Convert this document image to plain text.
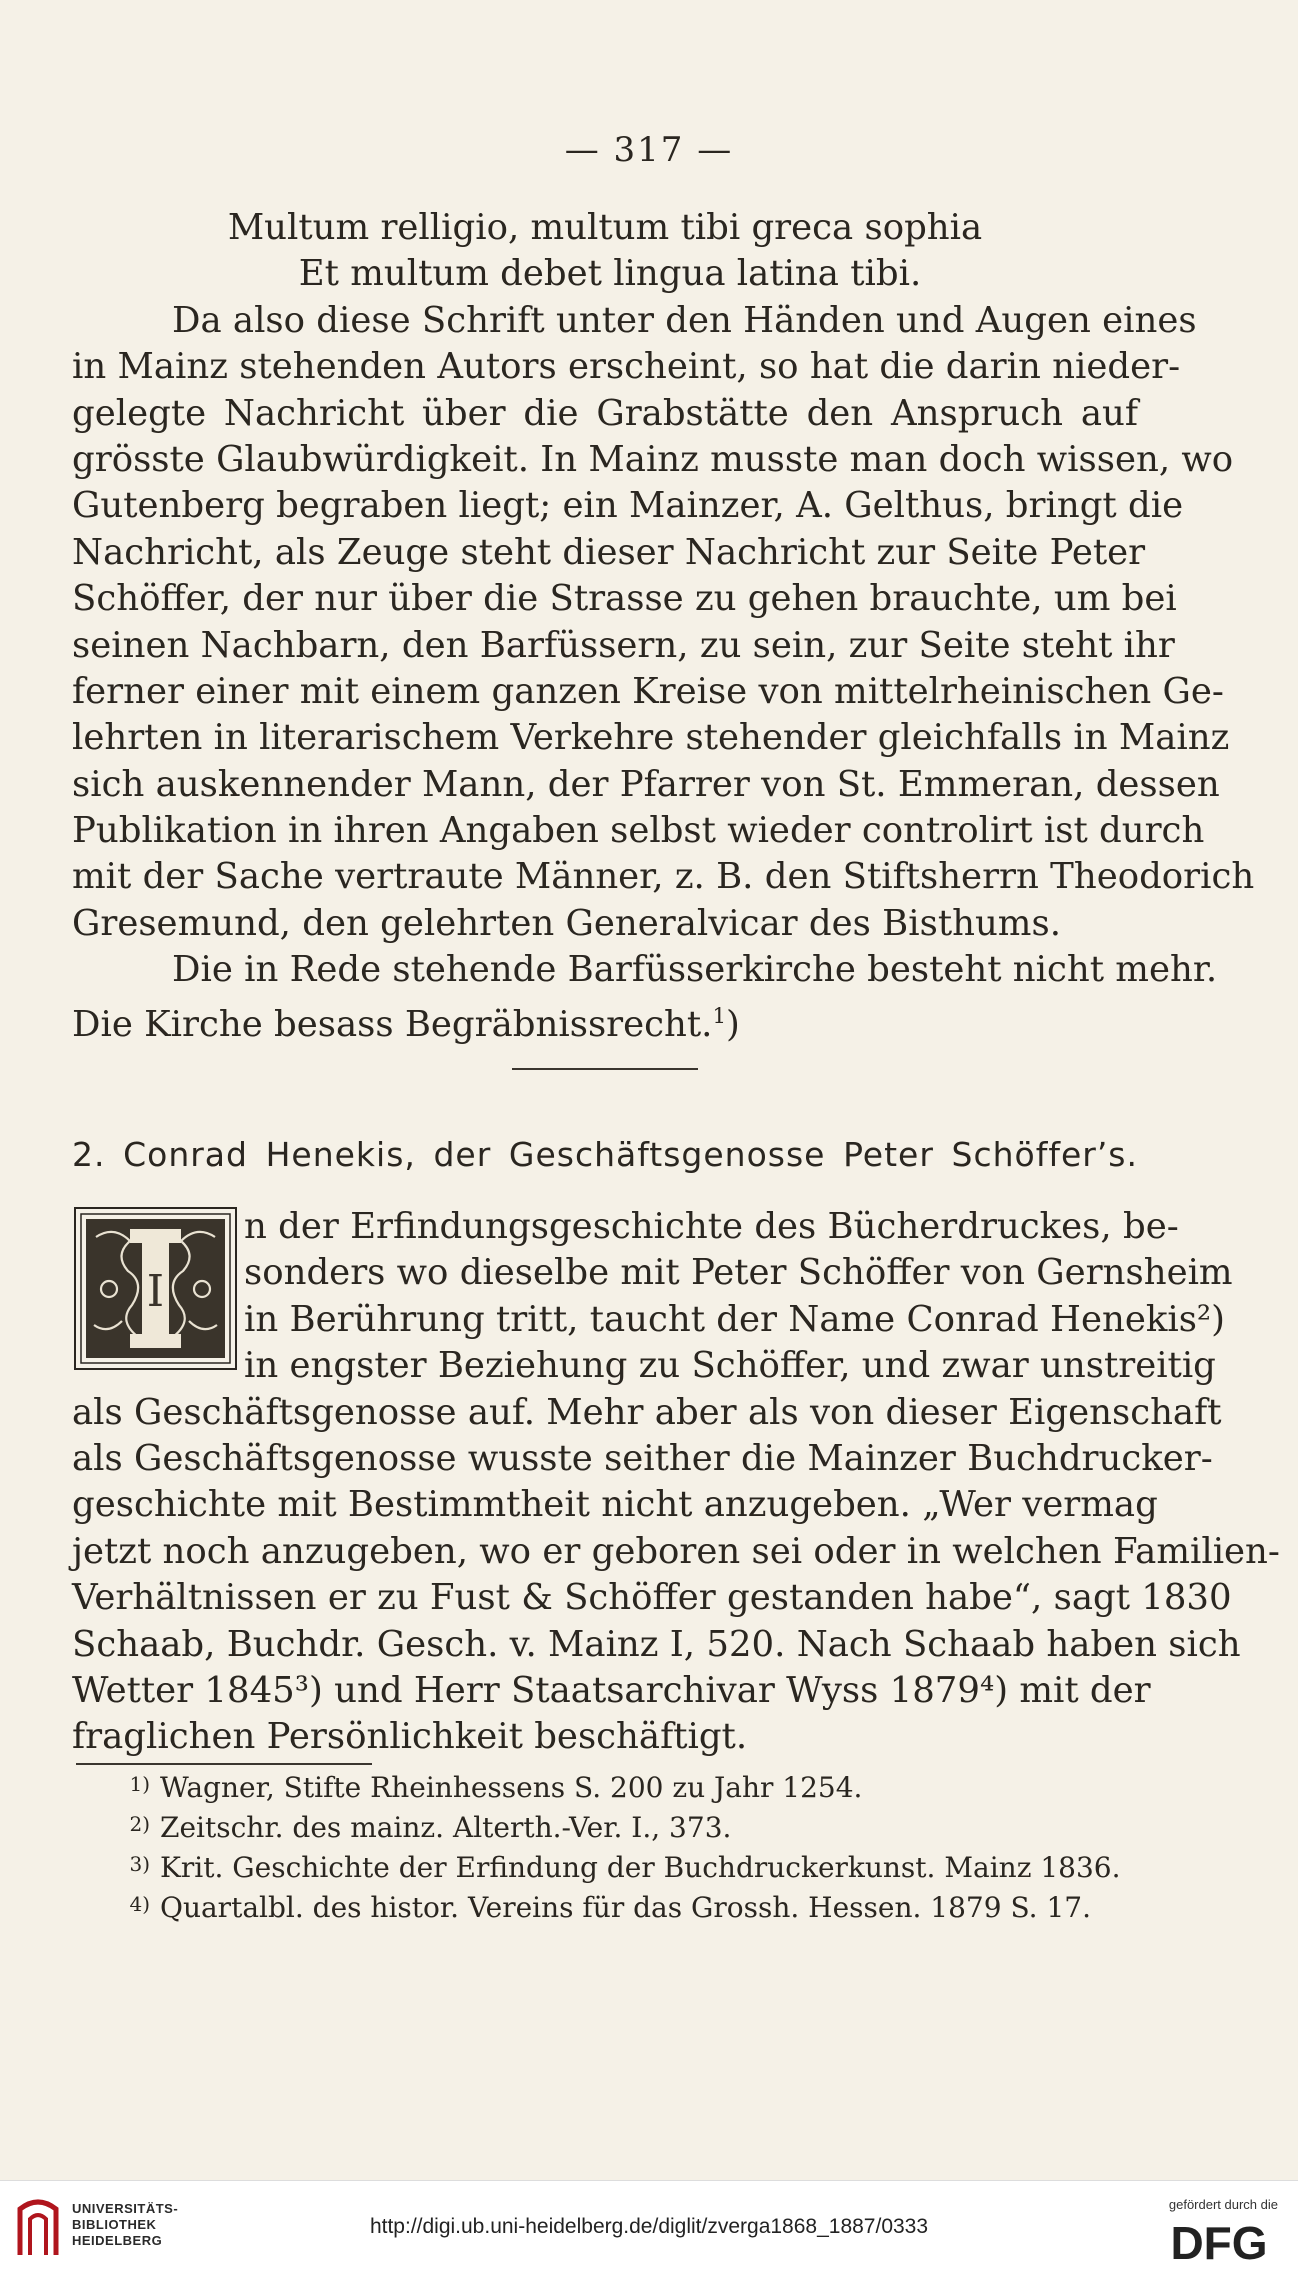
— 317 —
Multum relligio, multum tibi greca sophia
Et multum debet lingua latina tibi.
Da also diese Schrift unter den Händen und Augen eines
in Mainz stehenden Autors erscheint, so hat die darin nieder-
gelegte Nachricht über die Grabstätte den Anspruch auf
grösste Glaubwürdigkeit. In Mainz musste man doch wissen, wo
Gutenberg begraben liegt; ein Mainzer, A. Gelthus, bringt die
Nachricht, als Zeuge steht dieser Nachricht zur Seite Peter
Schöffer, der nur über die Strasse zu gehen brauchte, um bei
seinen Nachbarn, den Barfüssern, zu sein, zur Seite steht ihr
ferner einer mit einem ganzen Kreise von mittelrheinischen Ge-
lehrten in literarischem Verkehre stehender gleichfalls in Mainz
sich auskennender Mann, der Pfarrer von St. Emmeran, dessen
Publikation in ihren Angaben selbst wieder controlirt ist durch
mit der Sache vertraute Männer, z. B. den Stiftsherrn Theodorich
Gresemund, den gelehrten Generalvicar des Bisthums.
Die in Rede stehende Barfüsserkirche besteht nicht mehr.
Die Kirche besass Begräbnissrecht.$^1$)
2. Conrad Henekis, der Geschäftsgenosse Peter Schöffer’s.
I
n der Erfindungsgeschichte des Bücherdruckes, be-
sonders wo dieselbe mit Peter Schöffer von Gernsheim
in Berührung tritt, taucht der Name Conrad Henekis²)
in engster Beziehung zu Schöffer, und zwar unstreitig
als Geschäftsgenosse auf. Mehr aber als von dieser Eigenschaft
als Geschäftsgenosse wusste seither die Mainzer Buchdrucker-
geschichte mit Bestimmtheit nicht anzugeben. „Wer vermag
jetzt noch anzugeben, wo er geboren sei oder in welchen Familien-
Verhältnissen er zu Fust & Schöffer gestanden habe“, sagt 1830
Schaab, Buchdr. Gesch. v. Mainz I, 520. Nach Schaab haben sich
Wetter 1845³) und Herr Staatsarchivar Wyss 1879⁴) mit der
fraglichen Persönlichkeit beschäftigt.
1) Wagner, Stifte Rheinhessens S. 200 zu Jahr 1254.
2) Zeitschr. des mainz. Alterth.-Ver. I., 373.
3) Krit. Geschichte der Erfindung der Buchdruckerkunst. Mainz 1836.
4) Quartalbl. des histor. Vereins für das Grossh. Hessen. 1879 S. 17.
UNIVERSITÄTS-
BIBLIOTHEK
HEIDELBERG
http://digi.ub.uni-heidelberg.de/diglit/zverga1868_1887/0333
gefördert durch die
DFG
